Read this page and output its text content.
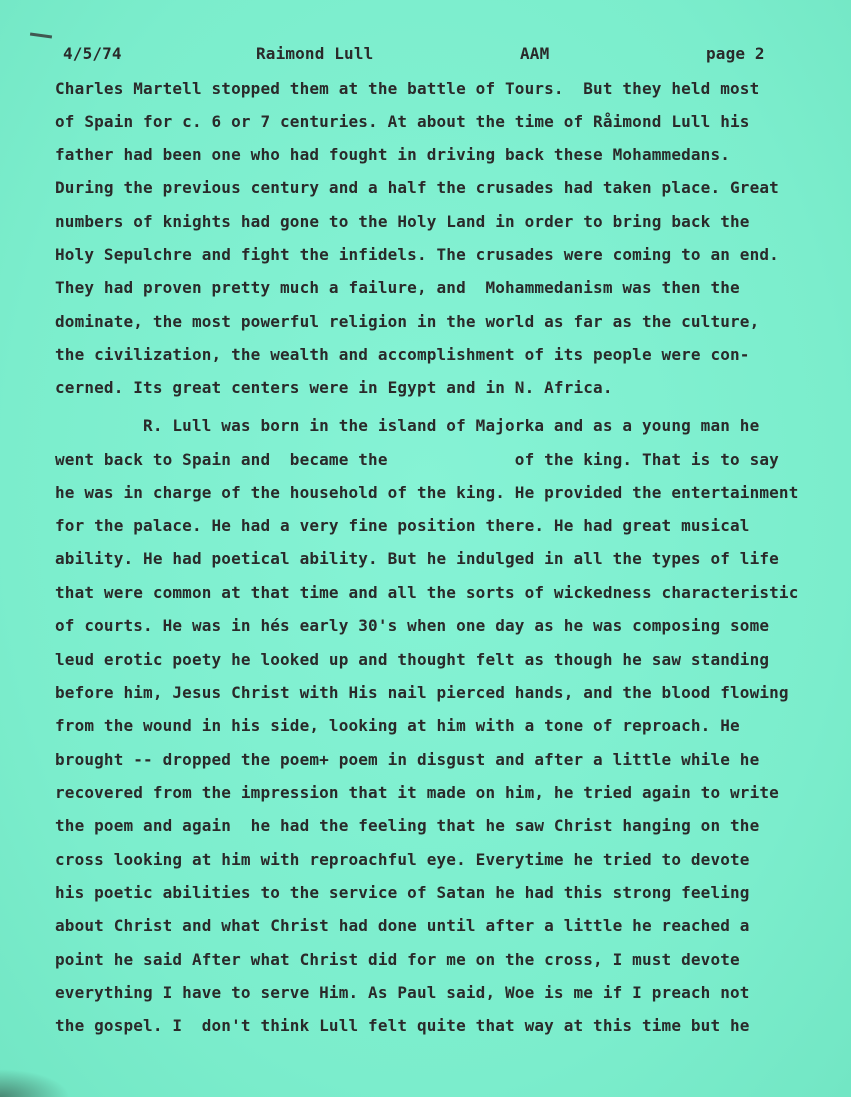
4/5/74	Raimond Lull	AAM	page 2
Charles Martell stopped them at the battle of Tours.  But they held most
of Spain for c. 6 or 7 centuries. At about the time of Råimond Lull his
father had been one who had fought in driving back these Mohammedans.
During the previous century and a half the crusades had taken place. Great
numbers of knights had gone to the Holy Land in order to bring back the
Holy Sepulchre and fight the infidels. The crusades were coming to an end.
They had proven pretty much a failure, and  Mohammedanism was then the
dominate, the most powerful religion in the world as far as the culture,
the civilization, the wealth and accomplishment of its people were con-
cerned. Its great centers were in Egypt and in N. Africa.
R. Lull was born in the island of Majorka and as a young man he
went back to Spain and  became the             of the king. That is to say
he was in charge of the household of the king. He provided the entertainment
for the palace. He had a very fine position there. He had great musical
ability. He had poetical ability. But he indulged in all the types of life
that were common at that time and all the sorts of wickedness characteristic
of courts. He was in hés early 30's when one day as he was composing some
leud erotic poety he looked up and thought felt as though he saw standing
before him, Jesus Christ with His nail pierced hands, and the blood flowing
from the wound in his side, looking at him with a tone of reproach. He
brought -- dropped the pоem+ poem in disgust and after a little while he
recovered from the impression that it made on him, he tried again to write
the poem and again  he had the feeling that he saw Christ hanging on the
cross looking at him with reproachful eye. Everytime he tried to devote
his poetic abilities to the service of Satan he had this strong feeling
about Christ and what Christ had done until after a little he reached a
point he said After what Christ did for me on the cross, I must devote
everything I have to serve Him. As Paul said, Woe is me if I preach not
the gospel. I  don't think Lull felt quite that way at this time but he
